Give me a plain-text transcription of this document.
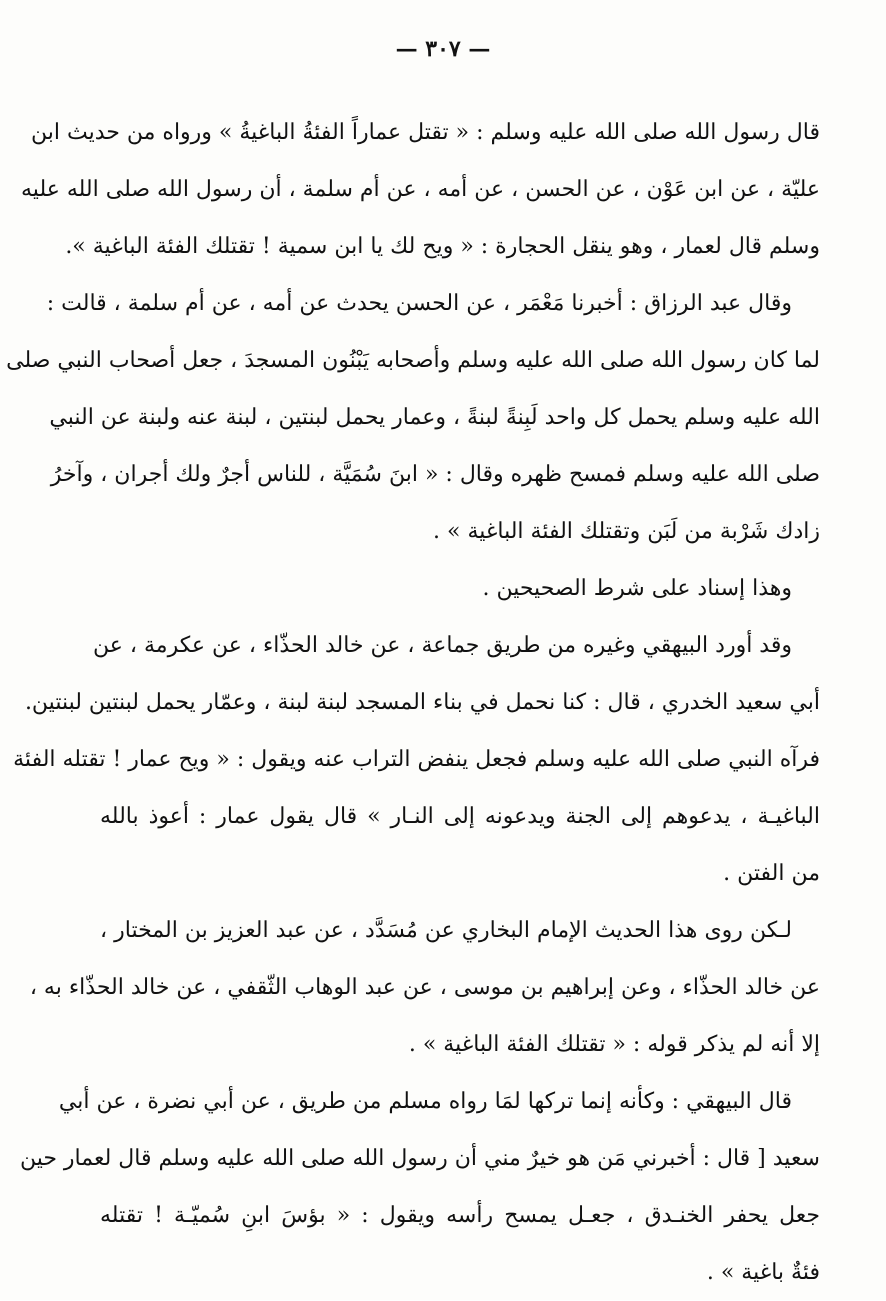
— ٣٠٧ —
قال رسول الله صلى الله عليه وسلم : « تقتل عماراً الفئةُ الباغيةُ » ورواه من حديث ابن
عليّة ، عن ابن عَوْن ، عن الحسن ، عن أمه ، عن أم سلمة ، أن رسول الله صلى الله عليه
وسلم قال لعمار ، وهو ينقل الحجارة : « ويح لك يا ابن سمية ! تقتلك الفئة الباغية ».
وقال عبد الرزاق : أخبرنا مَعْمَر ، عن الحسن يحدث عن أمه ، عن أم سلمة ، قالت :
لما كان رسول الله صلى الله عليه وسلم وأصحابه يَبْنُون المسجدَ ، جعل أصحاب النبي صلى
الله عليه وسلم يحمل كل واحد لَبِنةً لبنةً ، وعمار يحمل لبنتين ، لبنة عنه ولبنة عن النبي
صلى الله عليه وسلم فمسح ظهره وقال : « ابنَ سُمَيَّة ، للناس أجرٌ ولك أجران ، وآخرُ
زادك شَرْبة من لَبَن وتقتلك الفئة الباغية » .
وهذا إسناد على شرط الصحيحين .
وقد أورد البيهقي وغيره من طريق جماعة ، عن خالد الحذّاء ، عن عكرمة ، عن
أبي سعيد الخدري ، قال : كنا نحمل في بناء المسجد لبنة لبنة ، وعمّار يحمل لبنتين لبنتين.
فرآه النبي صلى الله عليه وسلم فجعل ينفض التراب عنه ويقول : « ويح عمار ! تقتله الفئة
الباغيـة ، يدعوهم إلى الجنة ويدعونه إلى النـار » قال يقول عمار : أعوذ بالله
من الفتن .
لـكن روى هذا الحديث الإمام البخاري عن مُسَدَّد ، عن عبد العزيز بن المختار ،
عن خالد الحذّاء ، وعن إبراهيم بن موسى ، عن عبد الوهاب الثّقفي ، عن خالد الحذّاء به ،
إلا أنه لم يذكر قوله : « تقتلك الفئة الباغية » .
قال البيهقي : وكأنه إنما تركها لمَا رواه مسلم من طريق ، عن أبي نضرة ، عن أبي
سعيد [ قال : أخبرني مَن هو خيرٌ مني أن رسول الله صلى الله عليه وسلم قال لعمار حين
جعل يحفر الخنـدق ، جعـل يمسح رأسه ويقول : « بؤسَ ابنِ سُميّـة ! تقتله
فئةٌ باغية » .
